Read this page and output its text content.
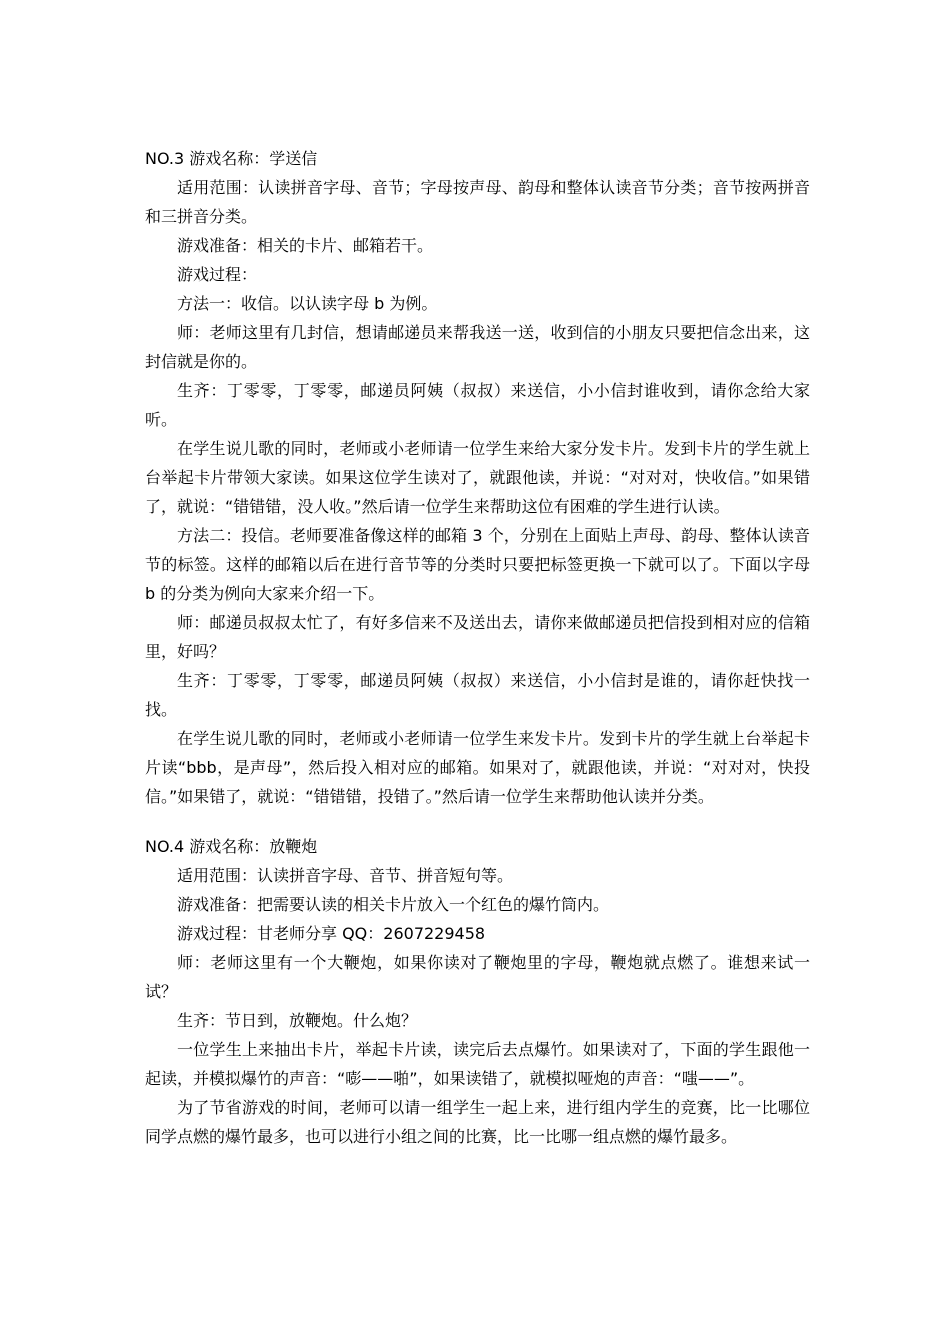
NO.3 游戏名称：学送信

适用范围：认读拼音字母、音节；字母按声母、韵母和整体认读音节分类；音节按两拼音和三拼音分类。

游戏准备：相关的卡片、邮箱若干。

游戏过程：

方法一：收信。以认读字母 b 为例。

师：老师这里有几封信，想请邮递员来帮我送一送，收到信的小朋友只要把信念出来，这封信就是你的。

生齐：丁零零，丁零零，邮递员阿姨（叔叔）来送信，小小信封谁收到，请你念给大家听。

在学生说儿歌的同时，老师或小老师请一位学生来给大家分发卡片。发到卡片的学生就上台举起卡片带领大家读。如果这位学生读对了，就跟他读，并说：“对对对，快收信。”如果错了，就说：“错错错，没人收。”然后请一位学生来帮助这位有困难的学生进行认读。

方法二：投信。老师要准备像这样的邮箱 3 个，分别在上面贴上声母、韵母、整体认读音节的标签。这样的邮箱以后在进行音节等的分类时只要把标签更换一下就可以了。下面以字母 b 的分类为例向大家来介绍一下。

师：邮递员叔叔太忙了，有好多信来不及送出去，请你来做邮递员把信投到相对应的信箱里，好吗？

生齐：丁零零，丁零零，邮递员阿姨（叔叔）来送信，小小信封是谁的，请你赶快找一找。

在学生说儿歌的同时，老师或小老师请一位学生来发卡片。发到卡片的学生就上台举起卡片读“bbb，是声母”，然后投入相对应的邮箱。如果对了，就跟他读，并说：“对对对，快投信。”如果错了，就说：“错错错，投错了。”然后请一位学生来帮助他认读并分类。

NO.4 游戏名称：放鞭炮

适用范围：认读拼音字母、音节、拼音短句等。

游戏准备：把需要认读的相关卡片放入一个红色的爆竹筒内。

游戏过程：甘老师分享 QQ：2607229458

师：老师这里有一个大鞭炮，如果你读对了鞭炮里的字母，鞭炮就点燃了。谁想来试一试？

生齐：节日到，放鞭炮。什么炮？

一位学生上来抽出卡片，举起卡片读，读完后去点爆竹。如果读对了，下面的学生跟他一起读，并模拟爆竹的声音：“嘭——啪”，如果读错了，就模拟哑炮的声音：“嗤——”。

为了节省游戏的时间，老师可以请一组学生一起上来，进行组内学生的竞赛，比一比哪位同学点燃的爆竹最多，也可以进行小组之间的比赛，比一比哪一组点燃的爆竹最多。
